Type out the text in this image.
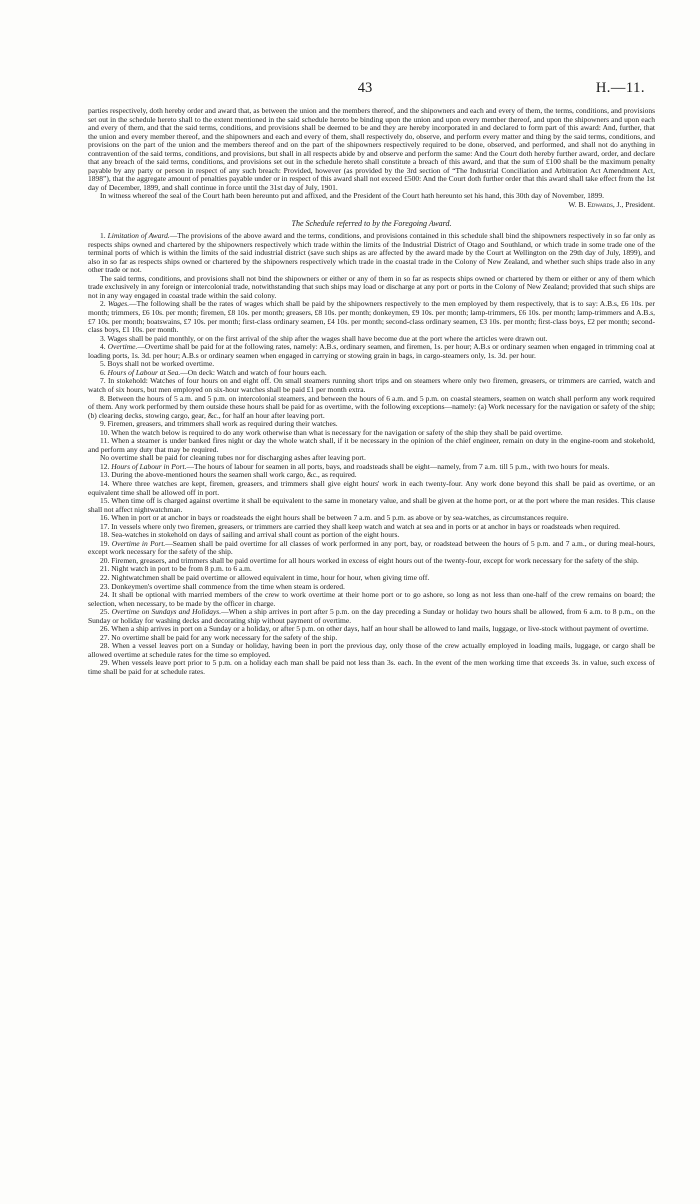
43	H.—11.

parties respectively, doth hereby order and award that, as between the union and the members thereof, and the shipowners and each and every of them, the terms, conditions, and provisions set out in the schedule hereto shall to the extent mentioned in the said schedule hereto be binding upon the union and upon every member thereof, and upon the shipowners and upon each and every of them, and that the said terms, conditions, and provisions shall be deemed to be and they are hereby incorporated in and declared to form part of this award: And, further, that the union and every member thereof, and the shipowners and each and every of them, shall respectively do, observe, and perform every matter and thing by the said terms, conditions, and provisions on the part of the union and the members thereof and on the part of the shipowners respectively required to be done, observed, and performed, and shall not do anything in contravention of the said terms, conditions, and provisions, but shall in all respects abide by and observe and perform the same: And the Court doth hereby further award, order, and declare that any breach of the said terms, conditions, and provisions set out in the schedule hereto shall constitute a breach of this award, and that the sum of £100 shall be the maximum penalty payable by any party or person in respect of any such breach: Provided, however (as provided by the 3rd section of “The Industrial Conciliation and Arbitration Act Amendment Act, 1898”), that the aggregate amount of penalties payable under or in respect of this award shall not exceed £500: And the Court doth further order that this award shall take effect from the 1st day of December, 1899, and shall continue in force until the 31st day of July, 1901.

In witness whereof the seal of the Court hath been hereunto put and affixed, and the President of the Court hath hereunto set his hand, this 30th day of November, 1899.

W. B. Edwards, J., President.

The Schedule referred to by the Foregoing Award.

1. Limitation of Award.—The provisions of the above award and the terms, conditions, and provisions contained in this schedule shall bind the shipowners respectively in so far only as respects ships owned and chartered by the shipowners respectively which trade within the limits of the Industrial District of Otago and Southland, or which trade in some trade one of the terminal ports of which is within the limits of the said industrial district (save such ships as are affected by the award made by the Court at Wellington on the 29th day of July, 1899), and also in so far as respects ships owned or chartered by the shipowners respectively which trade in the coastal trade in the Colony of New Zealand, and whether such ships trade also in any other trade or not.

The said terms, conditions, and provisions shall not bind the shipowners or either or any of them in so far as respects ships owned or chartered by them or either or any of them which trade exclusively in any foreign or intercolonial trade, notwithstanding that such ships may load or discharge at any port or ports in the Colony of New Zealand; provided that such ships are not in any way engaged in coastal trade within the said colony.

2. Wages.—The following shall be the rates of wages which shall be paid by the shipowners respectively to the men employed by them respectively, that is to say: A.B.s, £6 10s. per month; trimmers, £6 10s. per month; firemen, £8 10s. per month; greasers, £8 10s. per month; donkeymen, £9 10s. per month; lamp-trimmers, £6 10s. per month; lamp-trimmers and A.B.s, £7 10s. per month; boatswains, £7 10s. per month; first-class ordinary seamen, £4 10s. per month; second-class ordinary seamen, £3 10s. per month; first-class boys, £2 per month; second-class boys, £1 10s. per month.

3. Wages shall be paid monthly, or on the first arrival of the ship after the wages shall have become due at the port where the articles were drawn out.

4. Overtime.—Overtime shall be paid for at the following rates, namely: A.B.s, ordinary seamen, and firemen, 1s. per hour; A.B.s or ordinary seamen when engaged in trimming coal at loading ports, 1s. 3d. per hour; A.B.s or ordinary seamen when engaged in carrying or stowing grain in bags, in cargo-steamers only, 1s. 3d. per hour.

5. Boys shall not be worked overtime.

6. Hours of Labour at Sea.—On deck: Watch and watch of four hours each.

7. In stokehold: Watches of four hours on and eight off. On small steamers running short trips and on steamers where only two firemen, greasers, or trimmers are carried, watch and watch of six hours, but men employed on six-hour watches shall be paid £1 per month extra.

8. Between the hours of 5 a.m. and 5 p.m. on intercolonial steamers, and between the hours of 6 a.m. and 5 p.m. on coastal steamers, seamen on watch shall perform any work required of them. Any work performed by them outside these hours shall be paid for as overtime, with the following exceptions—namely: (a) Work necessary for the navigation or safety of the ship; (b) clearing decks, stowing cargo, gear, &c., for half an hour after leaving port.

9. Firemen, greasers, and trimmers shall work as required during their watches.

10. When the watch below is required to do any work otherwise than what is necessary for the navigation or safety of the ship they shall be paid overtime.

11. When a steamer is under banked fires night or day the whole watch shall, if it be necessary in the opinion of the chief engineer, remain on duty in the engine-room and stokehold, and perform any duty that may be required.

No overtime shall be paid for cleaning tubes nor for discharging ashes after leaving port.

12. Hours of Labour in Port.—The hours of labour for seamen in all ports, bays, and roadsteads shall be eight—namely, from 7 a.m. till 5 p.m., with two hours for meals.

13. During the above-mentioned hours the seamen shall work cargo, &c., as required.

14. Where three watches are kept, firemen, greasers, and trimmers shall give eight hours' work in each twenty-four. Any work done beyond this shall be paid as overtime, or an equivalent time shall be allowed off in port.

15. When time off is charged against overtime it shall be equivalent to the same in monetary value, and shall be given at the home port, or at the port where the man resides. This clause shall not affect nightwatchman.

16. When in port or at anchor in bays or roadsteads the eight hours shall be between 7 a.m. and 5 p.m. as above or by sea-watches, as circumstances require.

17. In vessels where only two firemen, greasers, or trimmers are carried they shall keep watch and watch at sea and in ports or at anchor in bays or roadsteads when required.

18. Sea-watches in stokehold on days of sailing and arrival shall count as portion of the eight hours.

19. Overtime in Port.—Seamen shall be paid overtime for all classes of work performed in any port, bay, or roadstead between the hours of 5 p.m. and 7 a.m., or during meal-hours, except work necessary for the safety of the ship.

20. Firemen, greasers, and trimmers shall be paid overtime for all hours worked in excess of eight hours out of the twenty-four, except for work necessary for the safety of the ship.

21. Night watch in port to be from 8 p.m. to 6 a.m.

22. Nightwatchmen shall be paid overtime or allowed equivalent in time, hour for hour, when giving time off.

23. Donkeymen's overtime shall commence from the time when steam is ordered.

24. It shall be optional with married members of the crew to work overtime at their home port or to go ashore, so long as not less than one-half of the crew remains on board; the selection, when necessary, to be made by the officer in charge.

25. Overtime on Sundays and Holidays.—When a ship arrives in port after 5 p.m. on the day preceding a Sunday or holiday two hours shall be allowed, from 6 a.m. to 8 p.m., on the Sunday or holiday for washing decks and decorating ship without payment of overtime.

26. When a ship arrives in port on a Sunday or a holiday, or after 5 p.m. on other days, half an hour shall be allowed to land mails, luggage, or live-stock without payment of overtime.

27. No overtime shall be paid for any work necessary for the safety of the ship.

28. When a vessel leaves port on a Sunday or holiday, having been in port the previous day, only those of the crew actually employed in loading mails, luggage, or cargo shall be allowed overtime at schedule rates for the time so employed.

29. When vessels leave port prior to 5 p.m. on a holiday each man shall be paid not less than 3s. each. In the event of the men working time that exceeds 3s. in value, such excess of time shall be paid for at schedule rates.
